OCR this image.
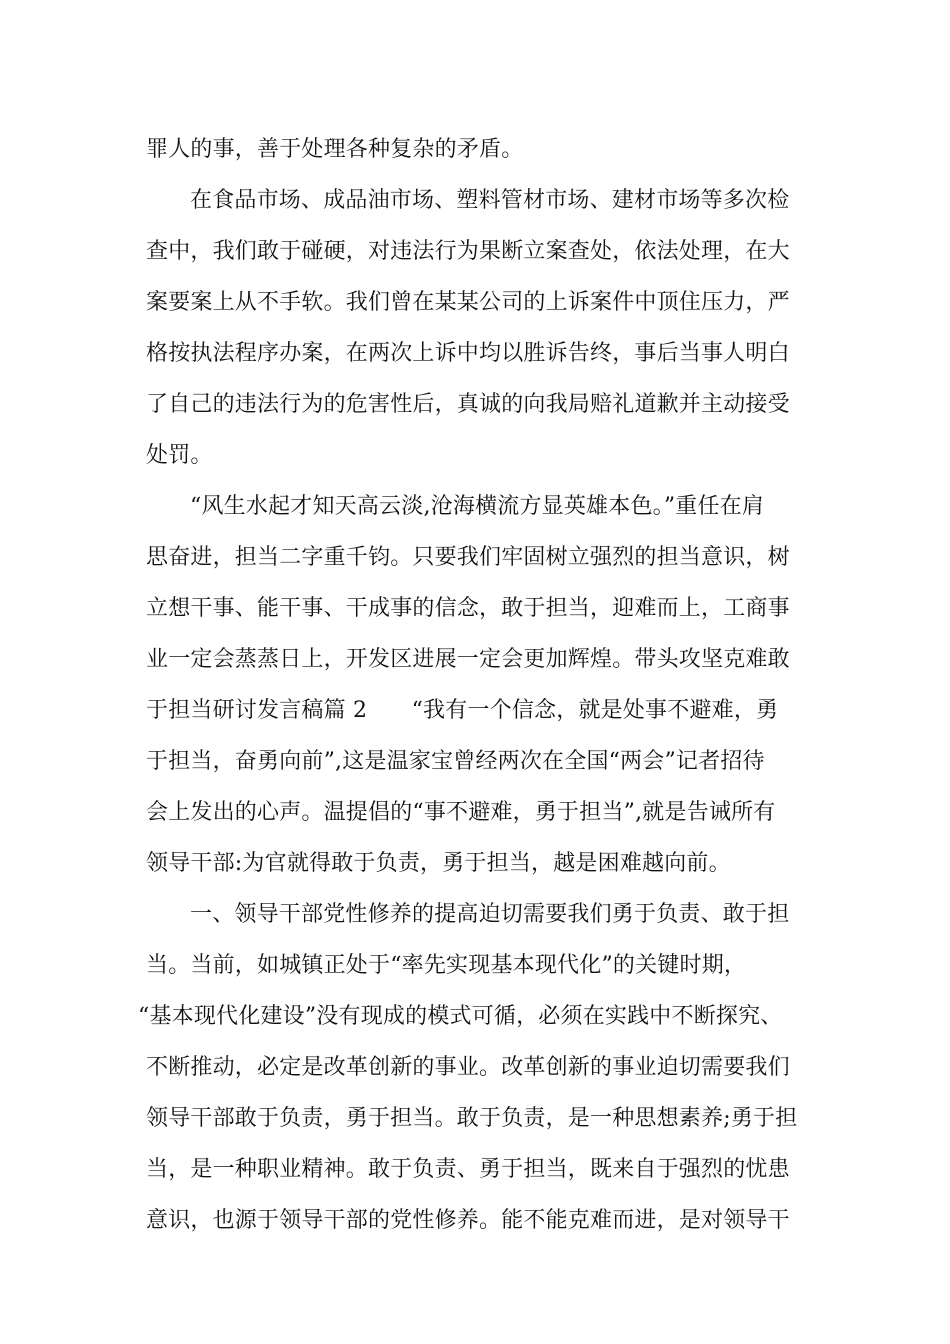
罪人的事，善于处理各种复杂的矛盾。

在食品市场、成品油市场、塑料管材市场、建材市场等多次检

查中，我们敢于碰硬，对违法行为果断立案查处，依法处理，在大

案要案上从不手软。我们曾在某某公司的上诉案件中顶住压力，严

格按执法程序办案，在两次上诉中均以胜诉告终，事后当事人明白

了自己的违法行为的危害性后，真诚的向我局赔礼道歉并主动接受

处罚。

“风生水起才知天高云淡,沧海横流方显英雄本色。”重任在肩

思奋进，担当二字重千钧。只要我们牢固树立强烈的担当意识，树

立想干事、能干事、干成事的信念，敢于担当，迎难而上，工商事

业一定会蒸蒸日上，开发区进展一定会更加辉煌。带头攻坚克难敢

于担当研讨发言稿篇 2　　“我有一个信念，就是处事不避难，勇

于担当，奋勇向前”,这是温家宝曾经两次在全国“两会”记者招待

会上发出的心声。温提倡的“事不避难，勇于担当”,就是告诫所有

领导干部:为官就得敢于负责，勇于担当，越是困难越向前。

一、领导干部党性修养的提高迫切需要我们勇于负责、敢于担

当。当前，如城镇正处于“率先实现基本现代化”的关键时期，

“基本现代化建设”没有现成的模式可循，必须在实践中不断探究、

不断推动，必定是改革创新的事业。改革创新的事业迫切需要我们

领导干部敢于负责，勇于担当。敢于负责，是一种思想素养;勇于担

当，是一种职业精神。敢于负责、勇于担当，既来自于强烈的忧患

意识，也源于领导干部的党性修养。能不能克难而进，是对领导干
